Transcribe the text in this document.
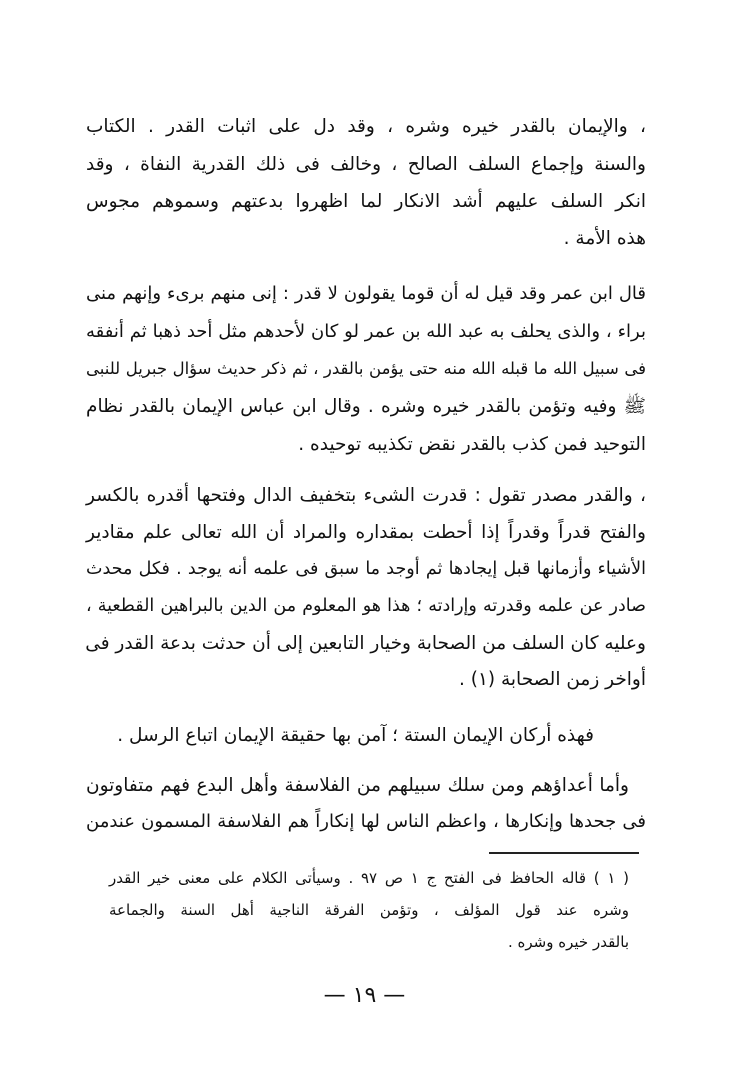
، والإيمان بالقدر خيره وشره ، وقد دل على اثبات القدر . الكتاب
والسنة وإجماع السلف الصالح ، وخالف فى ذلك القدرية النفاة ، وقد
انكر السلف عليهم أشد الانكار لما اظهروا بدعتهم وسموهم مجوس
هذه الأمة .
قال ابن عمر وقد قيل له أن قوما يقولون لا قدر : إنى منهم برىء وإنهم منى
براء ، والذى يحلف به عبد الله بن عمر لو كان لأحدهم مثل أحد ذهبا ثم أنفقه
فى سبيل الله ما قبله الله منه حتى يؤمن بالقدر ، ثم ذكر حديث سؤال جبريل للنبى
ﷺ وفيه وتؤمن بالقدر خيره وشره . وقال ابن عباس الإيمان بالقدر نظام
التوحيد فمن كذب بالقدر نقض تكذيبه توحيده .
، والقدر مصدر تقول : قدرت الشىء بتخفيف الدال وفتحها أقدره بالكسر
والفتح قدراً وقدراً إذا أحطت بمقداره والمراد أن الله تعالى علم مقادير
الأشياء وأزمانها قبل إيجادها ثم أوجد ما سبق فى علمه أنه يوجد . فكل محدث
صادر عن علمه وقدرته وإرادته ؛ هذا هو المعلوم من الدين بالبراهين القطعية ،
وعليه كان السلف من الصحابة وخيار التابعين إلى أن حدثت بدعة القدر فى
أواخر زمن الصحابة (١) .
فهذه أركان الإيمان الستة ؛ آمن بها حقيقة الإيمان اتباع الرسل .
وأما أعداؤهم ومن سلك سبيلهم من الفلاسفة وأهل البدع فهم متفاوتون
فى جحدها وإنكارها ، واعظم الناس لها إنكاراً هم الفلاسفة المسمون عندمن
( ١ ) قاله الحافظ فى الفتح ج ١ ص ٩٧ . وسيأتى الكلام على معنى خير القدر
وشره عند قول المؤلف ، وتؤمن الفرقة الناجية أهل السنة والجماعة
بالقدر خيره وشره .
— ١٩ —
